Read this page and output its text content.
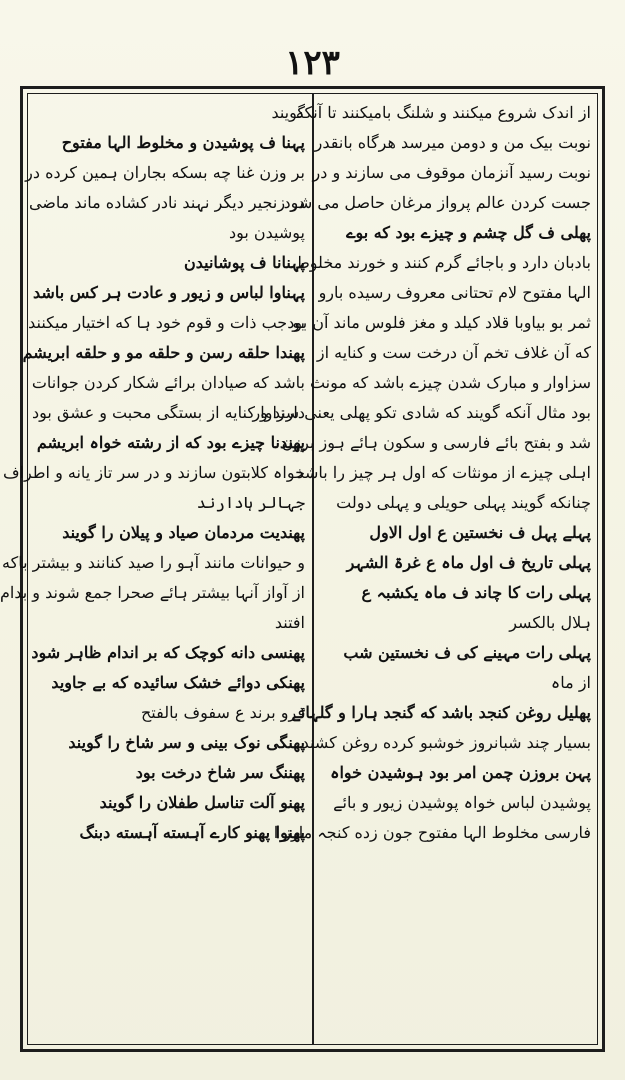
۱۲۳
از اندک شروع میکنند و شلنگ بامیکنند تا آنکه
نوبت بیک من و دومن میرسد هرگاه بانقدر
نوبت رسید آنزمان موقوف می سازند و در
جست کردن عالم پرواز مرغان حاصل می شود
پھلی ف گل چشم و چیزے بود که بوے
بادبان دارد و باجائے گرم کنند و خورند مخلوط
الہا مفتوح لام تحتانی معروف رسیده بارو
ثمر بو بیاوبا قلاد کیلد و مغز فلوس ماند آن بود
که آن غلاف تخم آن درخت ست و کنایه از
سزاوار و مبارک شدن چیزے باشد که مونث
بود مثال آنکه گویند که شادی تکو پھلی یعنی سزاوار
شد و بفتح بائے فارسی و سکون ہائے ہوز برزن
اہلی چیزے از مونثات که اول ہر چیز را باشد
چنانکه گویند پہلی حویلی و پہلی دولت
پہلے پہل ف نخستین ع اول الاول
پہلی تاریخ ف اول ماہ ع غرۃ الشہر
پہلی رات کا چاند ف ماہ یکشبہ ع
ہلال بالکسر
پہلی رات مہینے کی ف نخستین شب
از ماہ
پھلیل روغن کنجد باشد که گنجد ہارا و گلہائے
بسیار چند شبانروز خوشبو کرده روغن کشند
پہن بروزن چمن امر بود ہوشیدن خواہ
پوشیدن لباس خواہ پوشیدن زیور و بائے
فارسی مخلوط الہا مفتوح جون زده کنجہ مارز ا
گویند
پہنا ف پوشیدن و مخلوط الہا مفتوح
بر وزن غنا چه بسکه بجاران ہمین کرده در
در زنجیر دیگر نہند نادر کشاده ماند ماضی
پوشیدن بود
پہنانا ف پوشانیدن
پہناوا لباس و زیور و عادت ہر کس باشد
بو جب ذات و قوم خود ہا که اختیار میکنند
پھندا حلقه رسن و حلقه مو و حلقه ابریشم
باشد که صیادان برائے شکار کردن جوانات
دارند و کنایه از بستگی محبت و عشق بود
پھندنا چیزے بود که از رشته خواہ ابریشم
خواہ کلابتون سازند و در سر تاز یانه و اطراف
جہالر ہادارند
پھندیت مردمان صیاد و پیلان را گویند
و حیوانات مانند آہو را صید کنانند و بیشتر باکه
از آواز آنہا بیشتر ہائے صحرا جمع شوند و بدام
افتند
پھنسی دانه کوچک که بر اندام ظاہر شود
پھنکی دوائے خشک سائیده که بے جاوید
فرو برند ع سفوف بالفتح
پھنگی نوک بینی و سر شاخ را گویند
پھننگ سر شاخ درخت بود
پھنو آلت تناسل طفلان را گویند
پھنوا پھنو کارے آہسته آہسته دبنگ
